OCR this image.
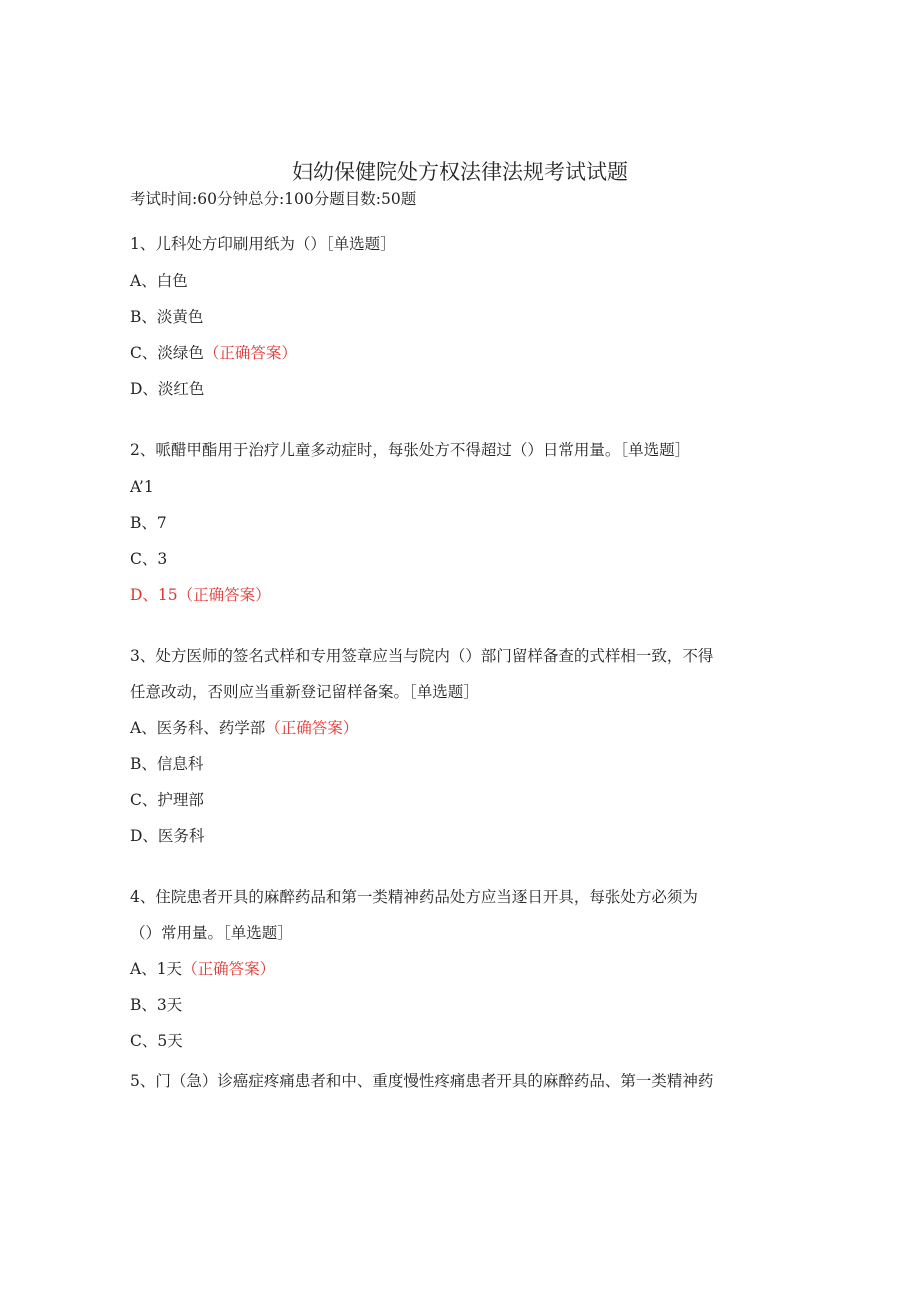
妇幼保健院处方权法律法规考试试题
考试时间:60分钟总分:100分题目数:50题
1、儿科处方印刷用纸为（）［单选题］
A、白色
B、淡黄色
C、淡绿色（正确答案）
D、淡红色
2、哌醋甲酯用于治疗儿童多动症时，每张处方不得超过（）日常用量。［单选题］
A’1
B、7
C、3
D、15（正确答案）
3、处方医师的签名式样和专用签章应当与院内（）部门留样备查的式样相一致，不得
任意改动，否则应当重新登记留样备案。［单选题］
A、医务科、药学部（正确答案）
B、信息科
C、护理部
D、医务科
4、住院患者开具的麻醉药品和第一类精神药品处方应当逐日开具，每张处方必须为
（）常用量。［单选题］
A、1天（正确答案）
B、3天
C、5天
5、门（急）诊癌症疼痛患者和中、重度慢性疼痛患者开具的麻醉药品、第一类精神药
